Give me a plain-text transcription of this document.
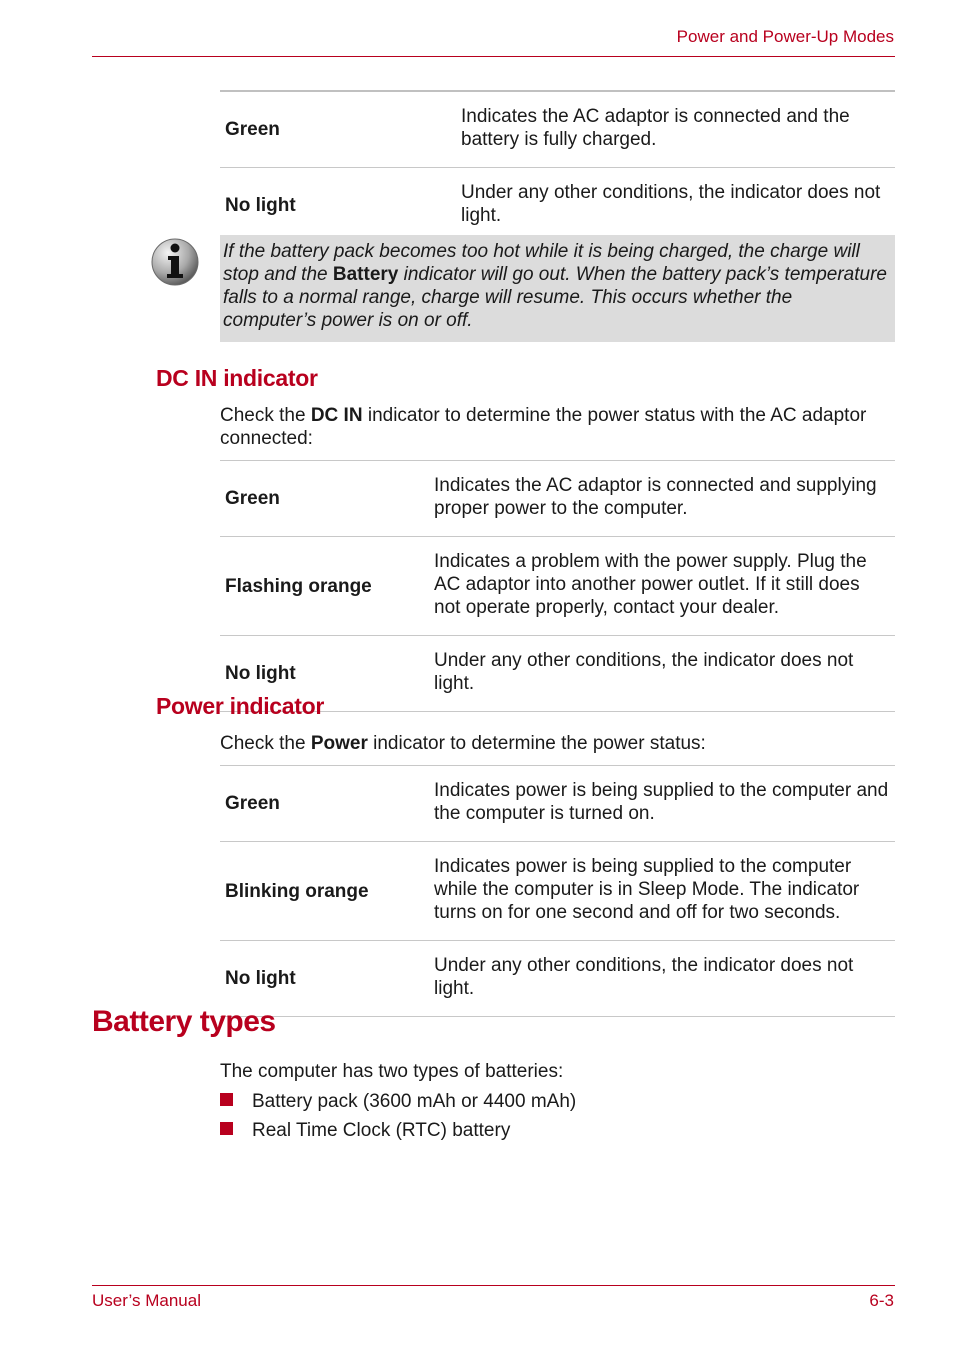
Power and Power-Up Modes
Green	Indicates the AC adaptor is connected and the battery is fully charged.
No light	Under any other conditions, the indicator does not light.
If the battery pack becomes too hot while it is being charged, the charge will stop and the Battery indicator will go out. When the battery pack’s temperature falls to a normal range, charge will resume. This occurs whether the computer’s power is on or off.
DC IN indicator
Check the DC IN indicator to determine the power status with the AC adaptor connected:
Green	Indicates the AC adaptor is connected and supplying proper power to the computer.
Flashing orange	Indicates a problem with the power supply. Plug the AC adaptor into another power outlet. If it still does not operate properly, contact your dealer.
No light	Under any other conditions, the indicator does not light.
Power indicator
Check the Power indicator to determine the power status:
Green	Indicates power is being supplied to the computer and the computer is turned on.
Blinking orange	Indicates power is being supplied to the computer while the computer is in Sleep Mode. The indicator turns on for one second and off for two seconds.
No light	Under any other conditions, the indicator does not light.
Battery types
The computer has two types of batteries:
Battery pack (3600 mAh or 4400 mAh)
Real Time Clock (RTC) battery
User’s Manual	6-3
